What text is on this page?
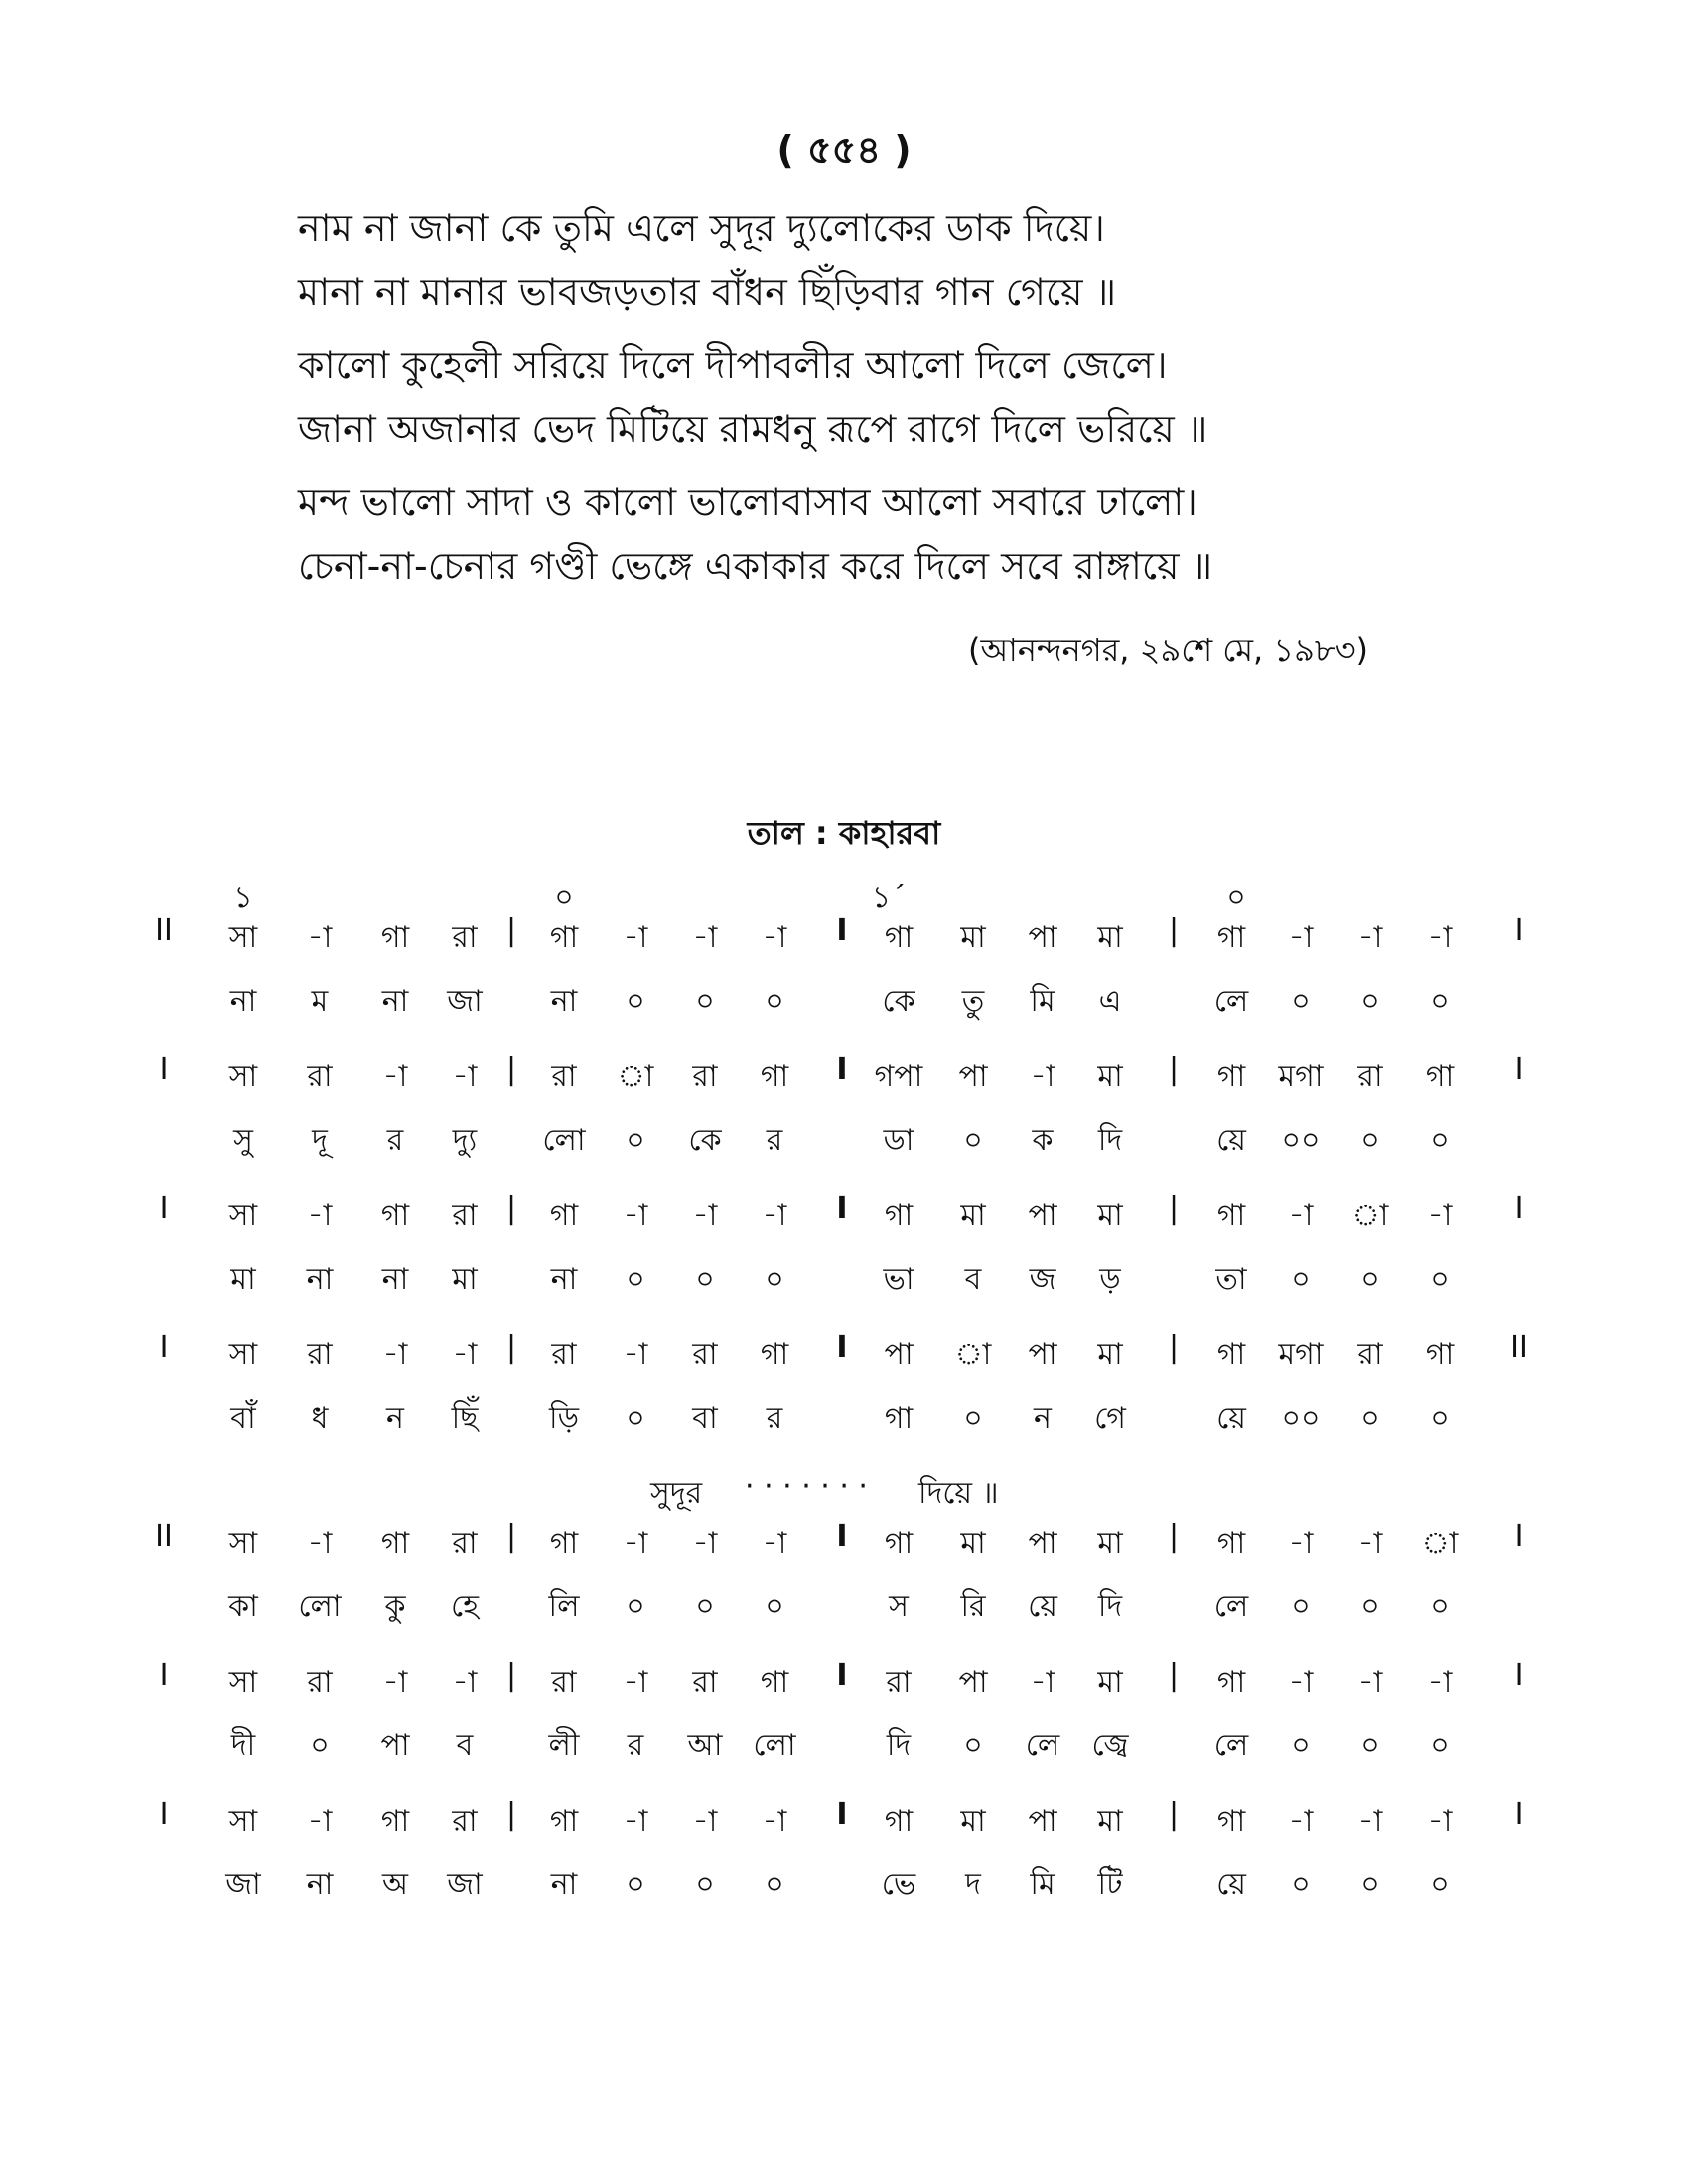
( ৫৫৪ )
নাম না জানা কে তুমি এলে সুদূর দ্যুলোকের ডাক দিয়ে।
মানা না মানার ভাবজড়তার বাঁধন ছিঁড়িবার গান গেয়ে ॥
কালো কুহেলী সরিয়ে দিলে দীপাবলীর আলো দিলে জেলে।
জানা অজানার ভেদ মিটিয়ে রামধনু রূপে রাগে দিলে ভরিয়ে ॥
মন্দ ভালো সাদা ও কালো ভালোবাসাব আলো সবারে ঢালো।
চেনা-না-চেনার গণ্ডী ভেঙ্গে একাকার করে দিলে সবে রাঙ্গায়ে ॥
(আনন্দনগর, ২৯শে মে, ১৯৮৩)
তাল : কাহারবা
১	০	১´	০
II	I
|	I	|
সা	-া	গা	রা	গা	-া	-া	-া	গা	মা	পা	মা	গা	-া	-া	-া
না	ম	না	জা	না	০	০	০	কে	তু	মি	এ	লে	০	০	০
I	I
|	I	|
সা	রা	-া	-া	রা	া	রা	গা	গপা	পা	-া	মা	গা	মগা	রা	গা
সু	দূ	র	দ্যু	লো	০	কে	র	ডা	০	ক	দি	য়ে	০০	০	০
I	I
|	I	|
সা	-া	গা	রা	গা	-া	-া	-া	গা	মা	পা	মা	গা	-া	া	-া
মা	না	না	মা	না	০	০	০	ভা	ব	জ	ড়	তা	০	০	০
I	II
|	I	|
সা	রা	-া	-া	রা	-া	রা	গা	পা	া	পা	মা	গা	মগা	রা	গা
বাঁ	ধ	ন	ছিঁ	ড়ি	০	বা	র	গা	০	ন	গে	য়ে	০০	০	০
II	I
|	I	|
সা	-া	গা	রা	গা	-া	-া	-া	গা	মা	পা	মা	গা	-া	-া	া
কা	লো	কু	হে	লি	০	০	০	স	রি	য়ে	দি	লে	০	০	০
I	I
|	I	|
সা	রা	-া	-া	রা	-া	রা	গা	রা	পা	-া	মা	গা	-া	-া	-া
দী	০	পা	ব	লী	র	আ	লো	দি	০	লে	জ্বে	লে	০	০	০
I	I
|	I	|
সা	-া	গা	রা	গা	-া	-া	-া	গা	মা	পা	মা	গা	-া	-া	-া
জা	না	অ	জা	না	০	০	০	ভে	দ	মি	টি	য়ে	০	০	০
সুদূর · · · · · · · দিয়ে ॥
